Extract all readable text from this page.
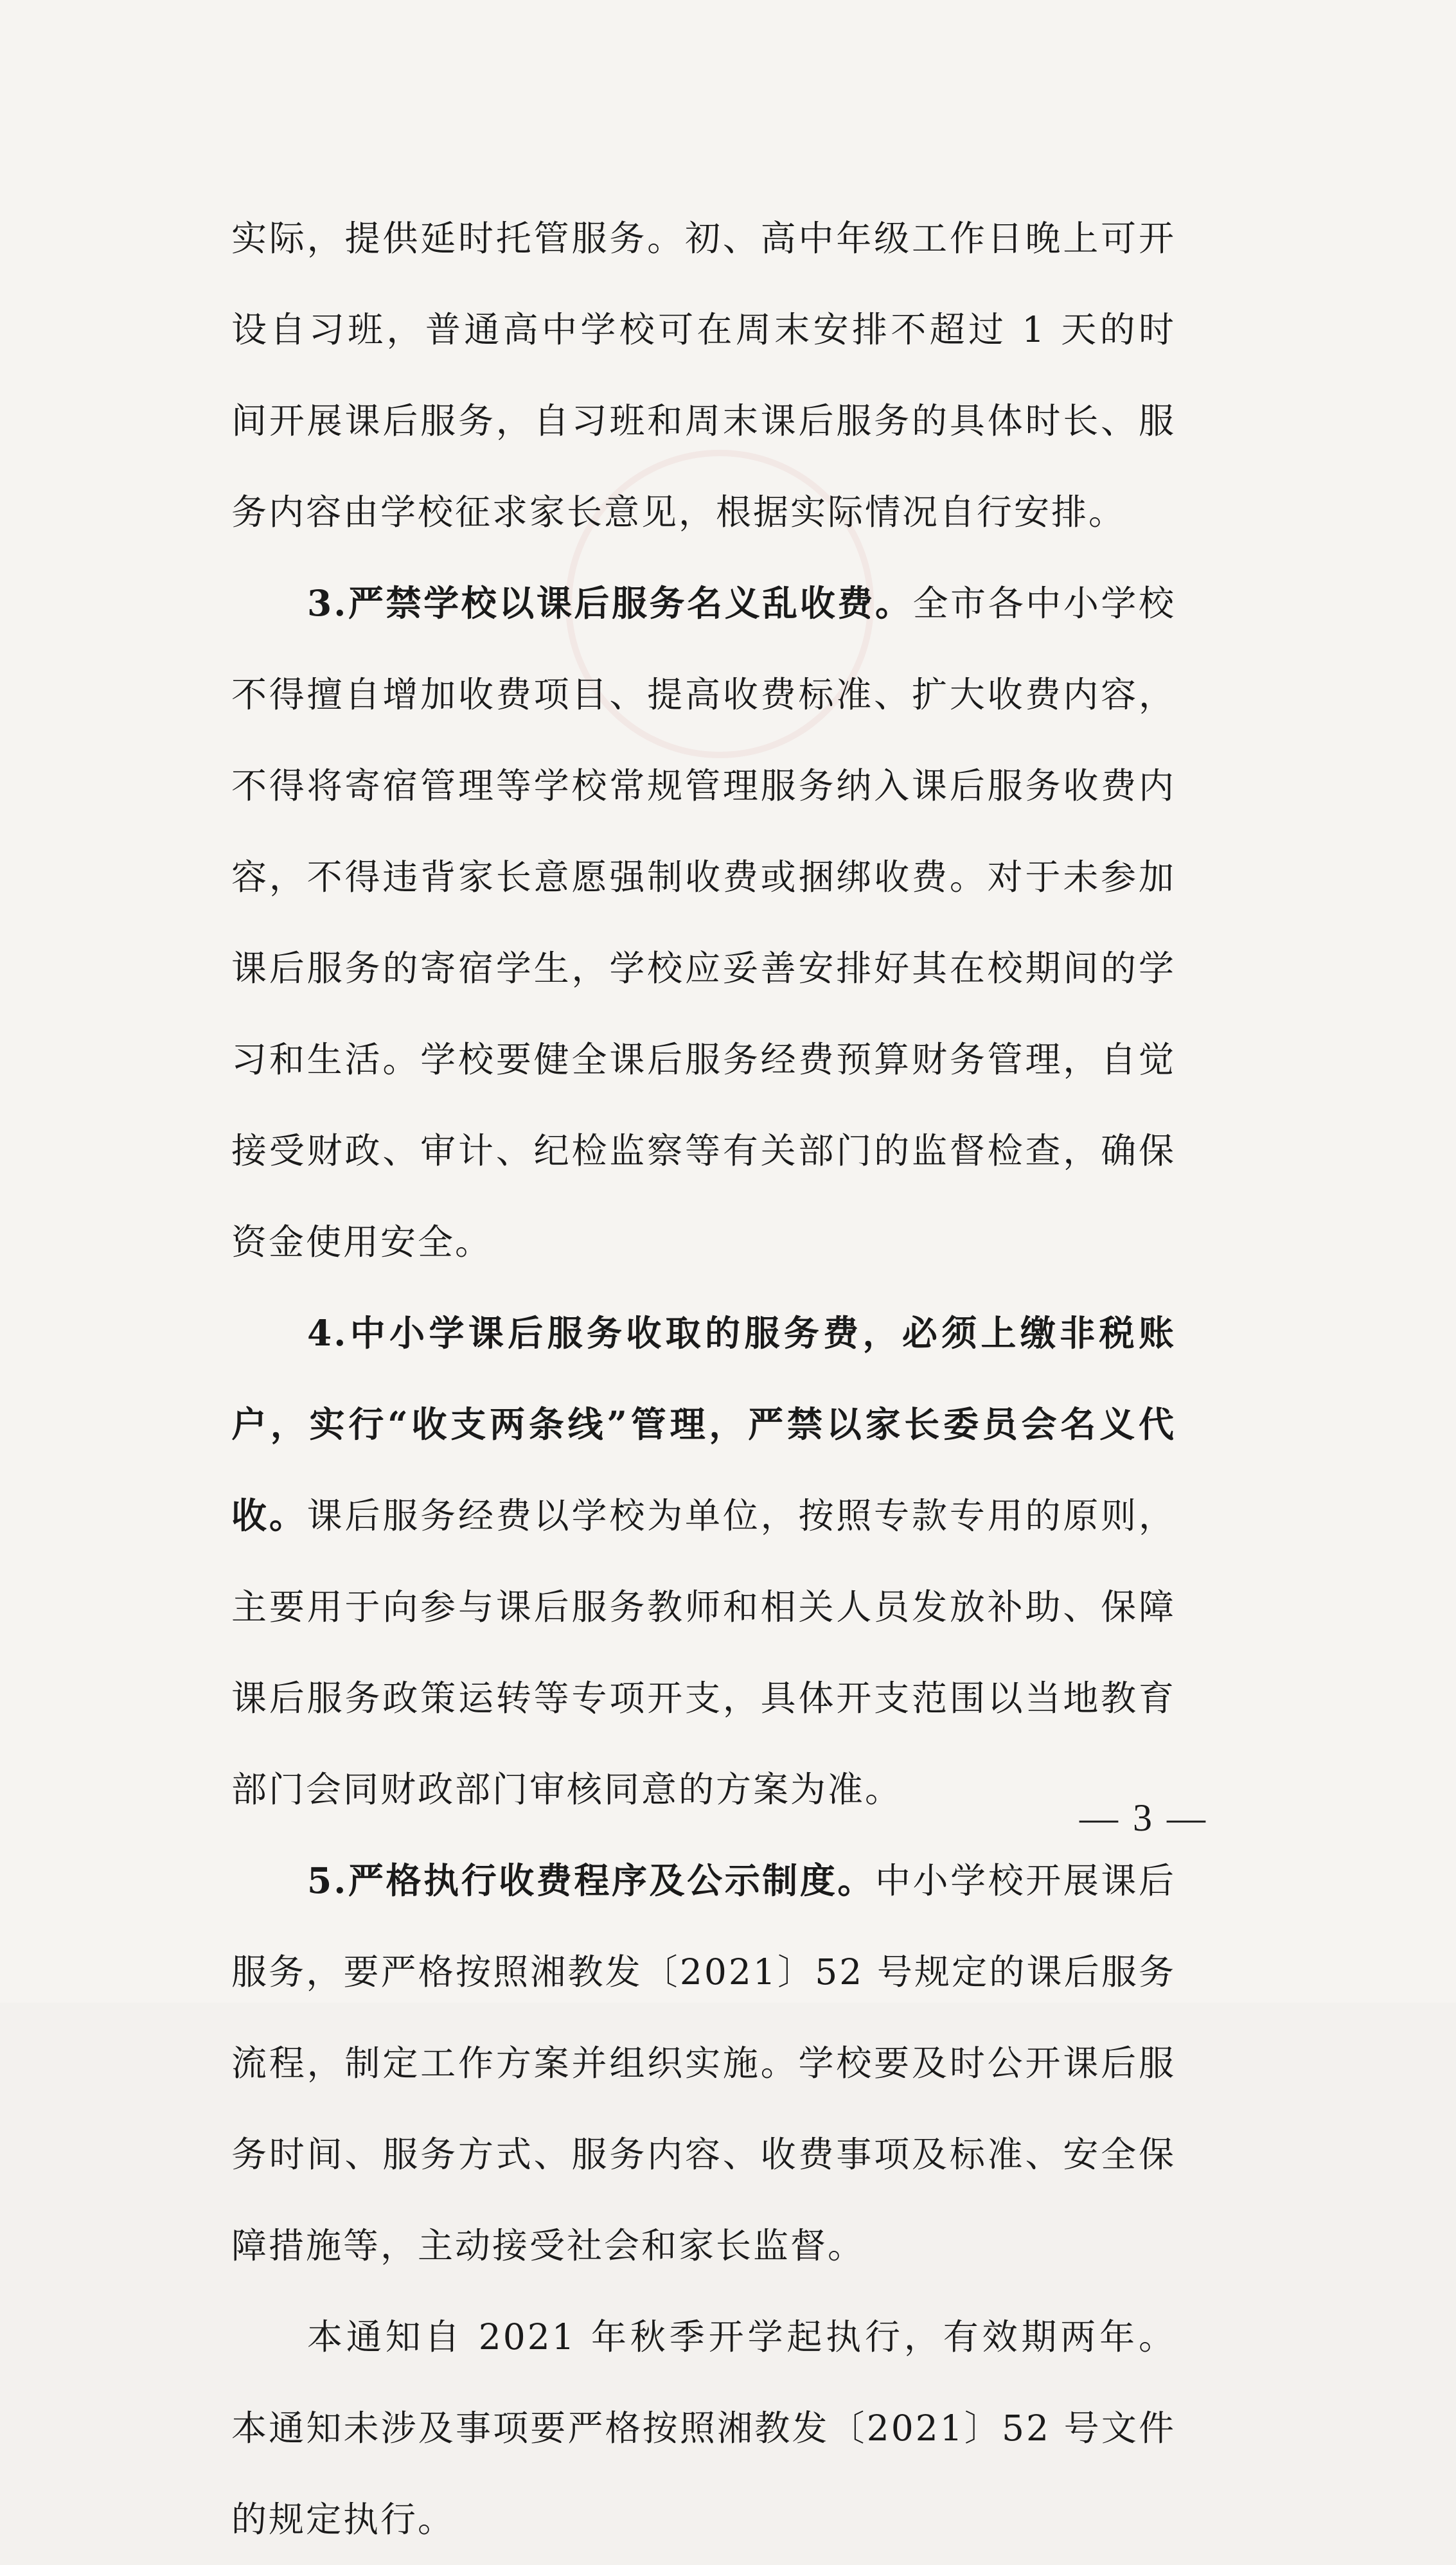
实际，提供延时托管服务。初、高中年级工作日晚上可开设自习班，普通高中学校可在周末安排不超过 1 天的时间开展课后服务，自习班和周末课后服务的具体时长、服务内容由学校征求家长意见，根据实际情况自行安排。

3.严禁学校以课后服务名义乱收费。全市各中小学校不得擅自增加收费项目、提高收费标准、扩大收费内容，不得将寄宿管理等学校常规管理服务纳入课后服务收费内容，不得违背家长意愿强制收费或捆绑收费。对于未参加课后服务的寄宿学生，学校应妥善安排好其在校期间的学习和生活。学校要健全课后服务经费预算财务管理，自觉接受财政、审计、纪检监察等有关部门的监督检查，确保资金使用安全。

4.中小学课后服务收取的服务费，必须上缴非税账户，实行“收支两条线”管理，严禁以家长委员会名义代收。课后服务经费以学校为单位，按照专款专用的原则，主要用于向参与课后服务教师和相关人员发放补助、保障课后服务政策运转等专项开支，具体开支范围以当地教育部门会同财政部门审核同意的方案为准。

5.严格执行收费程序及公示制度。中小学校开展课后服务，要严格按照湘教发〔2021〕52 号规定的课后服务流程，制定工作方案并组织实施。学校要及时公开课后服务时间、服务方式、服务内容、收费事项及标准、安全保障措施等，主动接受社会和家长监督。

本通知自 2021 年秋季开学起执行，有效期两年。本通知未涉及事项要严格按照湘教发〔2021〕52 号文件的规定执行。

— 3 —
